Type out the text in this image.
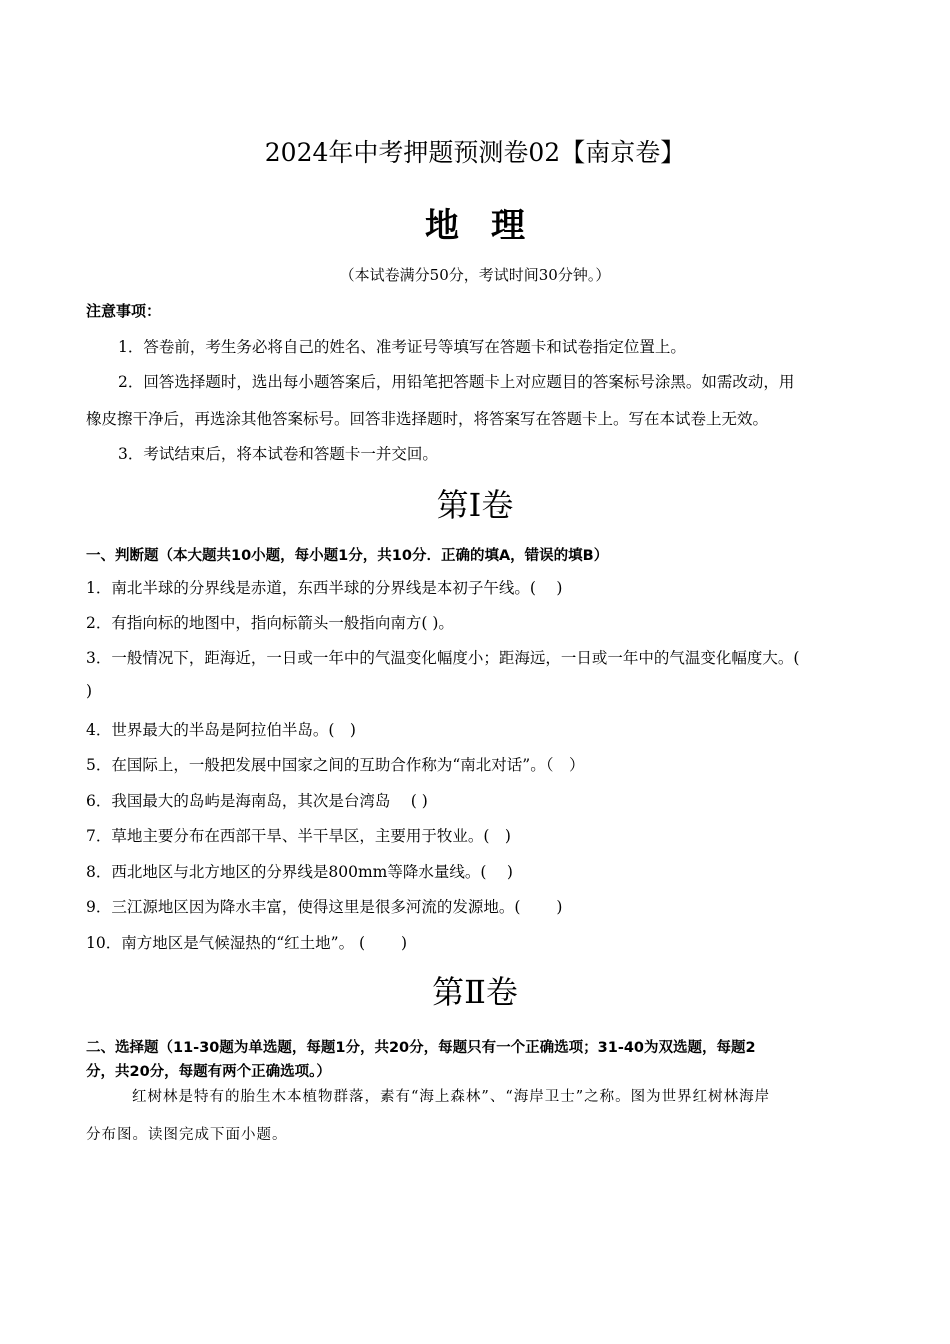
2024年中考押题预测卷02【南京卷】
地理
（本试卷满分50分，考试时间30分钟。）
注意事项：
1．答卷前，考生务必将自己的姓名、准考证号等填写在答题卡和试卷指定位置上。
2．回答选择题时，选出每小题答案后，用铅笔把答题卡上对应题目的答案标号涂黑。如需改动，用
橡皮擦干净后，再选涂其他答案标号。回答非选择题时，将答案写在答题卡上。写在本试卷上无效。
3．考试结束后，将本试卷和答题卡一并交回。
第Ⅰ卷
一、判断题（本大题共10小题，每小题1分，共10分．正确的填A，错误的填B）
1．南北半球的分界线是赤道，东西半球的分界线是本初子午线。(　 )
2．有指向标的地图中，指向标箭头一般指向南方( )。
3．一般情况下，距海近，一日或一年中的气温变化幅度小；距海远，一日或一年中的气温变化幅度大。(
)
4．世界最大的半岛是阿拉伯半岛。(　)
5．在国际上，一般把发展中国家之间的互助合作称为“南北对话”。（　）
6．我国最大的岛屿是海南岛，其次是台湾岛　 ( )
7．草地主要分布在西部干旱、半干旱区，主要用于牧业。(　)
8．西北地区与北方地区的分界线是800mm等降水量线。(　 )
9．三江源地区因为降水丰富，使得这里是很多河流的发源地。(　 　)
10．南方地区是气候湿热的“红土地”。 (　 　)
第Ⅱ卷
二、选择题（11-30题为单选题，每题1分，共20分，每题只有一个正确选项；31-40为双选题，每题2
分，共20分，每题有两个正确选项。）
红树林是特有的胎生木本植物群落，素有“海上森林”、“海岸卫士”之称。图为世界红树林海岸
分布图。读图完成下面小题。
